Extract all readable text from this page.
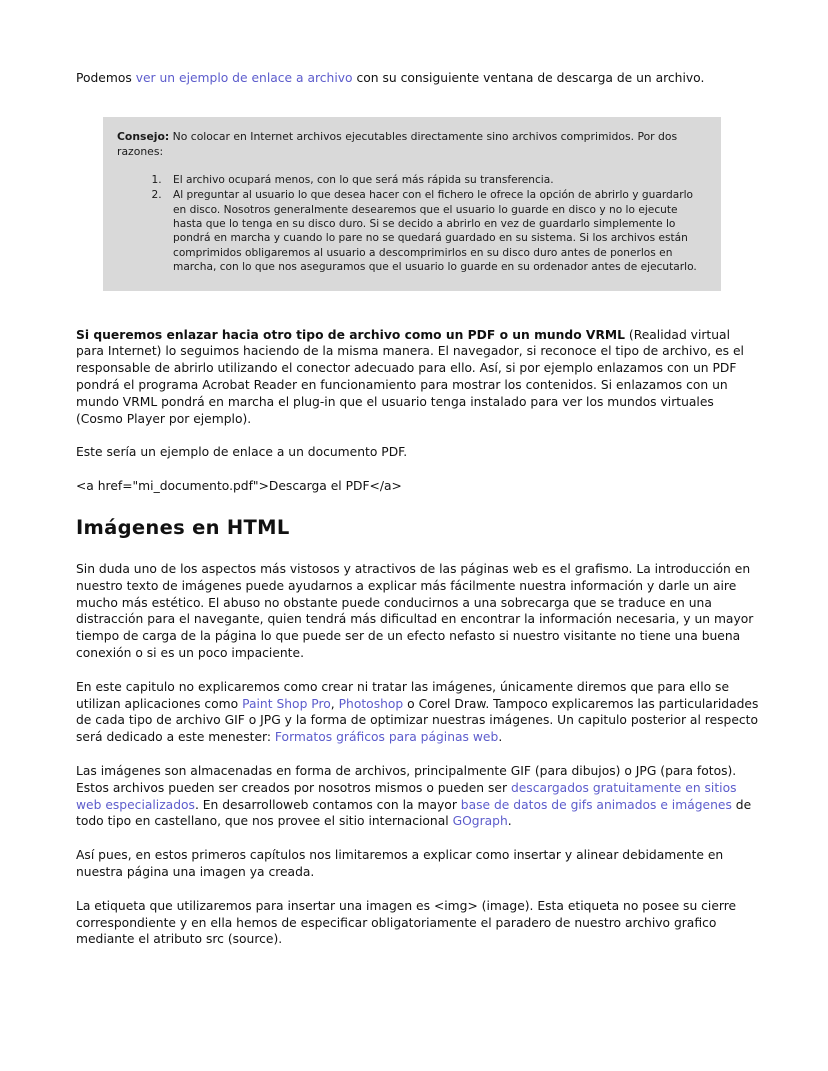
Podemos ver un ejemplo de enlace a archivo con su consiguiente ventana de descarga de un archivo.

Consejo: No colocar en Internet archivos ejecutables directamente sino archivos comprimidos. Por dos razones:

1. El archivo ocupará menos, con lo que será más rápida su transferencia.
2. Al preguntar al usuario lo que desea hacer con el fichero le ofrece la opción de abrirlo y guardarlo en disco. Nosotros generalmente desearemos que el usuario lo guarde en disco y no lo ejecute hasta que lo tenga en su disco duro. Si se decido a abrirlo en vez de guardarlo simplemente lo pondrá en marcha y cuando lo pare no se quedará guardado en su sistema. Si los archivos están comprimidos obligaremos al usuario a descomprimirlos en su disco duro antes de ponerlos en marcha, con lo que nos aseguramos que el usuario lo guarde en su ordenador antes de ejecutarlo.

Si queremos enlazar hacia otro tipo de archivo como un PDF o un mundo VRML (Realidad virtual para Internet) lo seguimos haciendo de la misma manera. El navegador, si reconoce el tipo de archivo, es el responsable de abrirlo utilizando el conector adecuado para ello. Así, si por ejemplo enlazamos con un PDF pondrá el programa Acrobat Reader en funcionamiento para mostrar los contenidos. Si enlazamos con un mundo VRML pondrá en marcha el plug-in que el usuario tenga instalado para ver los mundos virtuales (Cosmo Player por ejemplo).

Este sería un ejemplo de enlace a un documento PDF.

<a href="mi_documento.pdf">Descarga el PDF</a>

Imágenes en HTML

Sin duda uno de los aspectos más vistosos y atractivos de las páginas web es el grafismo. La introducción en nuestro texto de imágenes puede ayudarnos a explicar más fácilmente nuestra información y darle un aire mucho más estético. El abuso no obstante puede conducirnos a una sobrecarga que se traduce en una distracción para el navegante, quien tendrá más dificultad en encontrar la información necesaria, y un mayor tiempo de carga de la página lo que puede ser de un efecto nefasto si nuestro visitante no tiene una buena conexión o si es un poco impaciente.

En este capitulo no explicaremos como crear ni tratar las imágenes, únicamente diremos que para ello se utilizan aplicaciones como Paint Shop Pro, Photoshop o Corel Draw. Tampoco explicaremos las particularidades de cada tipo de archivo GIF o JPG y la forma de optimizar nuestras imágenes. Un capitulo posterior al respecto será dedicado a este menester: Formatos gráficos para páginas web.

Las imágenes son almacenadas en forma de archivos, principalmente GIF (para dibujos) o JPG (para fotos). Estos archivos pueden ser creados por nosotros mismos o pueden ser descargados gratuitamente en sitios web especializados. En desarrolloweb contamos con la mayor base de datos de gifs animados e imágenes de todo tipo en castellano, que nos provee el sitio internacional GOgraph.

Así pues, en estos primeros capítulos nos limitaremos a explicar como insertar y alinear debidamente en nuestra página una imagen ya creada.

La etiqueta que utilizaremos para insertar una imagen es <img> (image). Esta etiqueta no posee su cierre correspondiente y en ella hemos de especificar obligatoriamente el paradero de nuestro archivo grafico mediante el atributo src (source).
